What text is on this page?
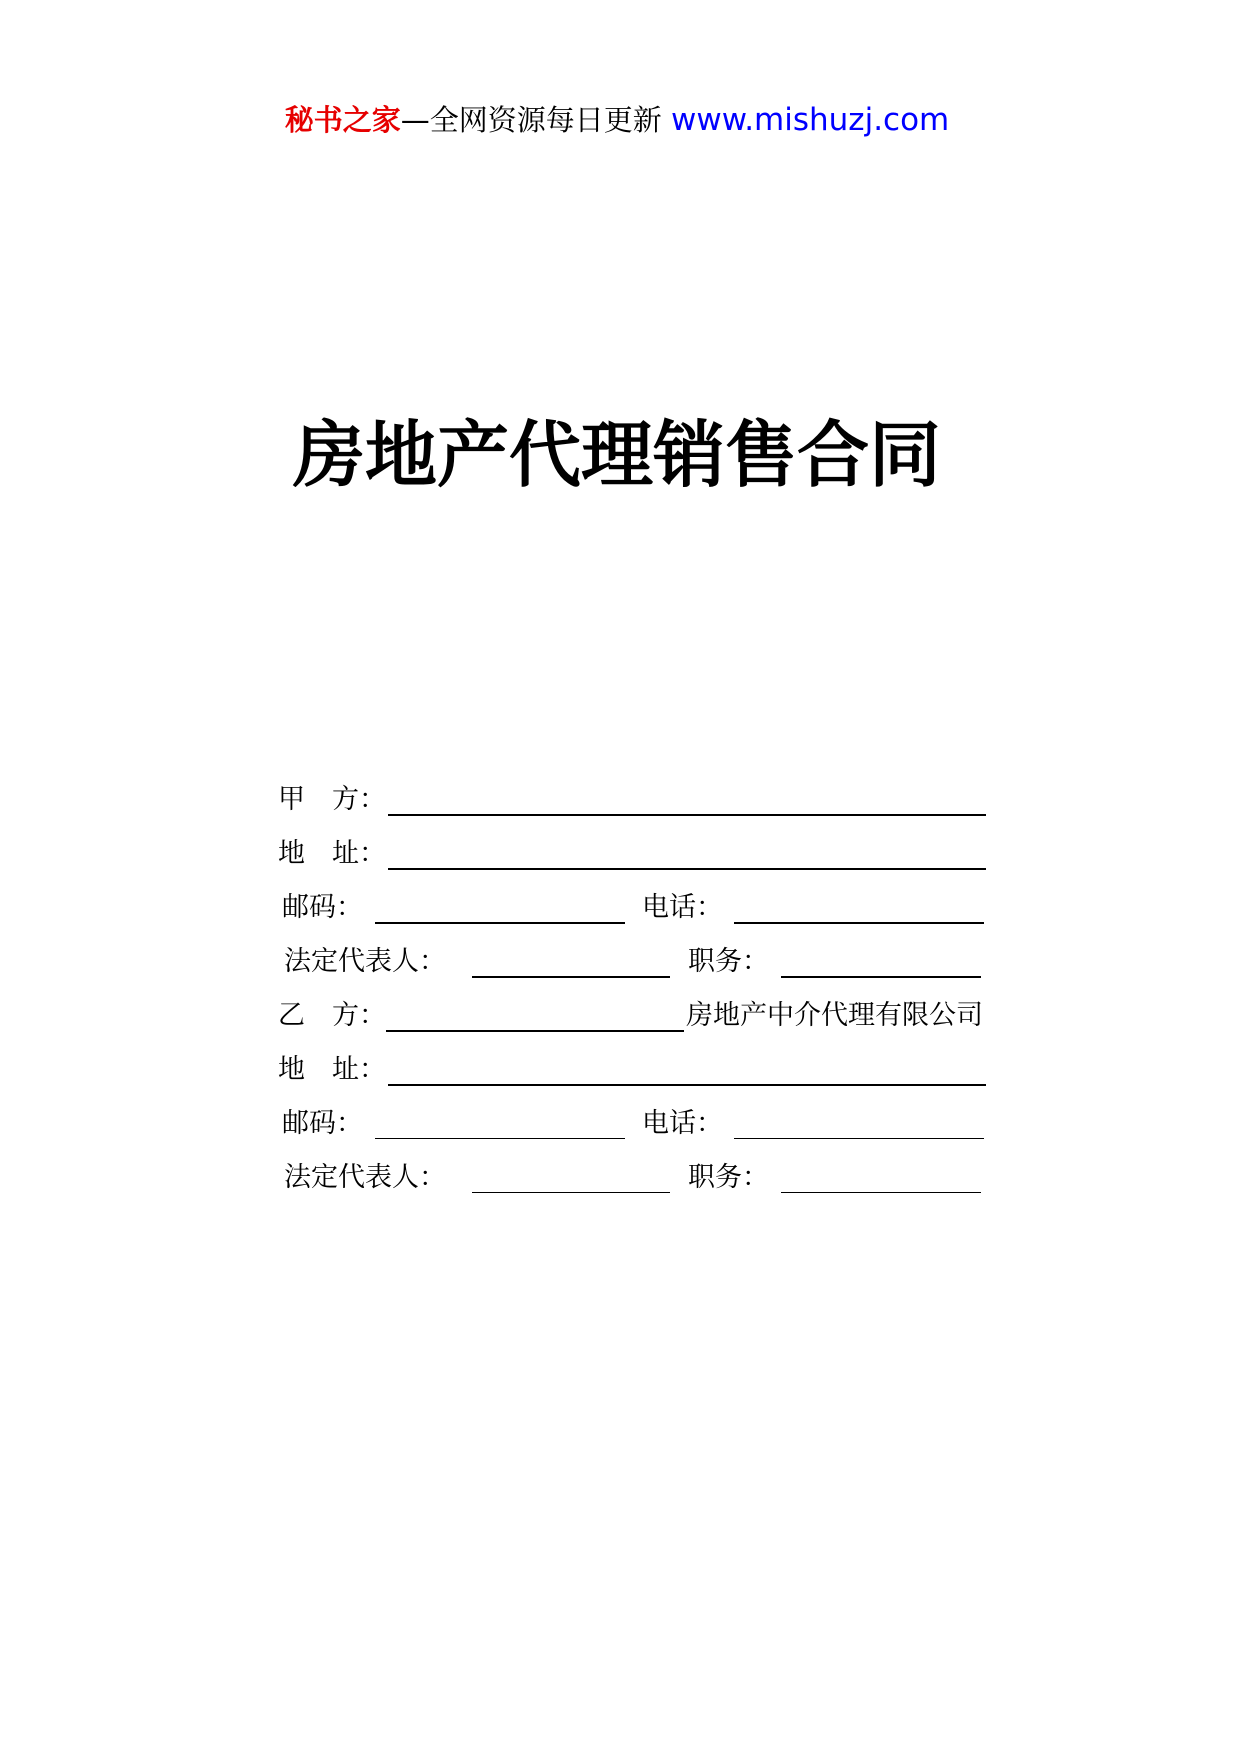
秘书之家—全网资源每日更新 www.mishuzj.com
房地产代理销售合同
甲　方：
地　址：
邮码：	电话：
法定代表人：	职务：
乙　方：	房地产中介代理有限公司
地　址：
邮码：	电话：
法定代表人：	职务：
